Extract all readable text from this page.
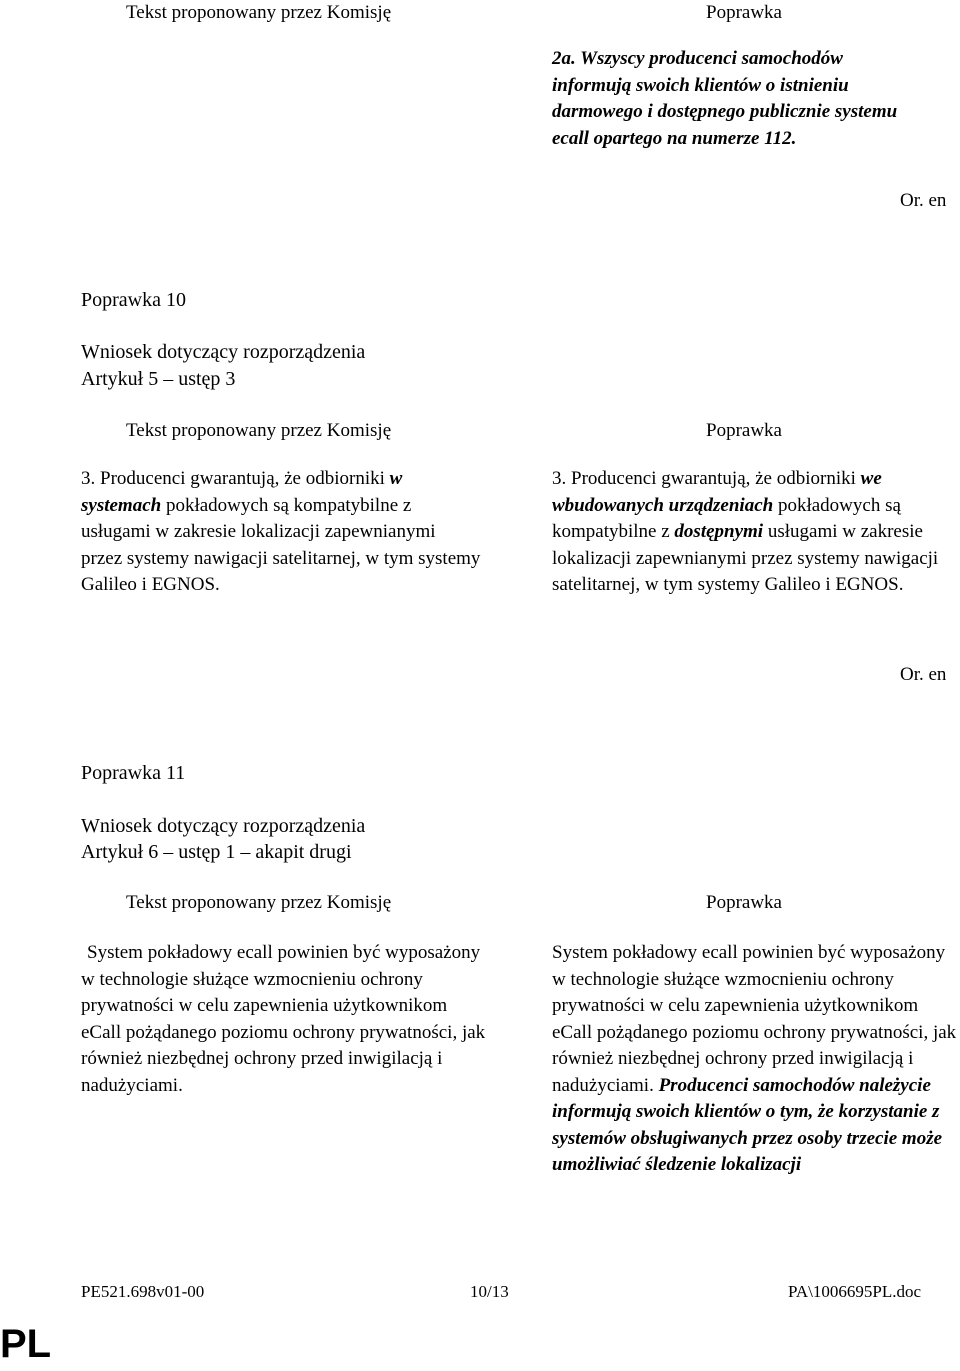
Tekst proponowany przez Komisję	Poprawka

2a. Wszyscy producenci samochodów informują swoich klientów o istnieniu darmowego i dostępnego publicznie systemu ecall opartego na numerze 112.

Or. en
Poprawka 10
Wniosek dotyczący rozporządzenia
Artykuł 5 – ustęp 3
Tekst proponowany przez Komisję	Poprawka

3. Producenci gwarantują, że odbiorniki w systemach pokładowych są kompatybilne z usługami w zakresie lokalizacji zapewnianymi przez systemy nawigacji satelitarnej, w tym systemy Galileo i EGNOS.

3. Producenci gwarantują, że odbiorniki we wbudowanych urządzeniach pokładowych są kompatybilne z dostępnymi usługami w zakresie lokalizacji zapewnianymi przez systemy nawigacji satelitarnej, w tym systemy Galileo i EGNOS.

Or. en
Poprawka 11
Wniosek dotyczący rozporządzenia
Artykuł 6 – ustęp 1 – akapit drugi
Tekst proponowany przez Komisję	Poprawka

System pokładowy ecall powinien być wyposażony w technologie służące wzmocnieniu ochrony prywatności w celu zapewnienia użytkownikom eCall pożądanego poziomu ochrony prywatności, jak również niezbędnej ochrony przed inwigilacją i nadużyciami.

System pokładowy ecall powinien być wyposażony w technologie służące wzmocnieniu ochrony prywatności w celu zapewnienia użytkownikom eCall pożądanego poziomu ochrony prywatności, jak również niezbędnej ochrony przed inwigilacją i nadużyciami. Producenci samochodów należycie informują swoich klientów o tym, że korzystanie z systemów obsługiwanych przez osoby trzecie może umożliwiać śledzenie lokalizacji

PE521.698v01-00	10/13	PA\1006695PL.doc
PL
